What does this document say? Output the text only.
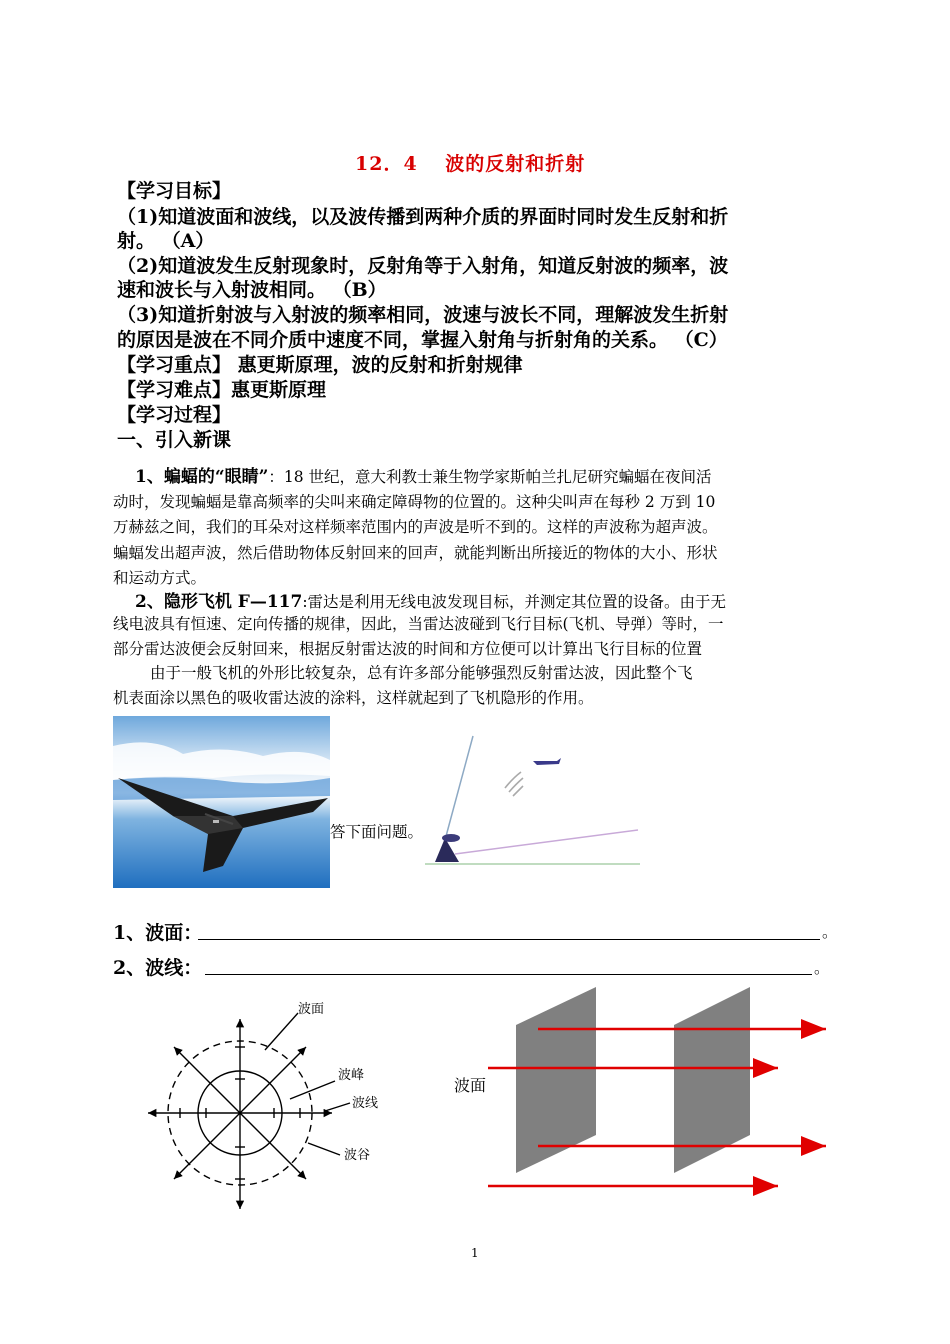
12．4　 波的反射和折射
【学习目标】
（1)知道波面和波线，以及波传播到两种介质的界面时同时发生反射和折
射。 （A）
（2)知道波发生反射现象时，反射角等于入射角，知道反射波的频率，波
速和波长与入射波相同。 （B）
（3)知道折射波与入射波的频率相同，波速与波长不同，理解波发生折射
的原因是波在不同介质中速度不同，掌握入射角与折射角的关系。 （C）
【学习重点】 惠更斯原理，波的反射和折射规律
【学习难点】惠更斯原理
【学习过程】
一、引入新课
1、蝙蝠的“眼睛”：18 世纪，意大利教士兼生物学家斯帕兰扎尼研究蝙蝠在夜间活
动时，发现蝙蝠是靠高频率的尖叫来确定障碍物的位置的。这种尖叫声在每秒 2 万到 10
万赫兹之间，我们的耳朵对这样频率范围内的声波是听不到的。这样的声波称为超声波。
蝙蝠发出超声波，然后借助物体反射回来的回声，就能判断出所接近的物体的大小、形状
和运动方式。
2、隐形飞机 F—117:雷达是利用无线电波发现目标，并测定其位置的设备。由于无
线电波具有恒速、定向传播的规律，因此，当雷达波碰到飞行目标(飞机、导弹）等时，一
部分雷达波便会反射回来，根据反射雷达波的时间和方位便可以计算出飞行目标的位置
由于一般飞机的外形比较复杂，总有许多部分能够强烈反射雷达波，因此整个飞
机表面涂以黑色的吸收雷达波的涂料，这样就起到了飞机隐形的作用。
答下面问题。
1、波面：	。
2、波线：	。
波面
波峰
波线
波谷
波面
1
